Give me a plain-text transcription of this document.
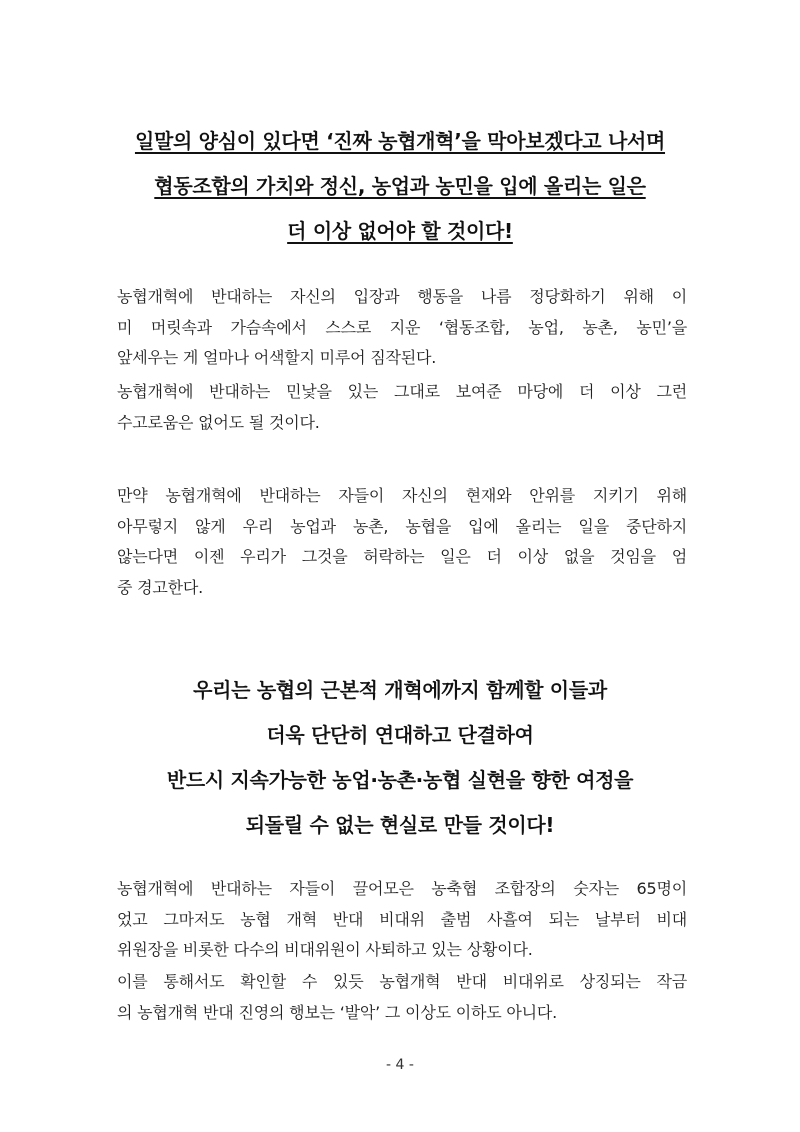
일말의 양심이 있다면 ‘진짜 농협개혁’을 막아보겠다고 나서며
협동조합의 가치와 정신, 농업과 농민을 입에 올리는 일은
더 이상 없어야 할 것이다!
농협개혁에 반대하는 자신의 입장과 행동을 나름 정당화하기 위해 이
미 머릿속과 가슴속에서 스스로 지운 ‘협동조합, 농업, 농촌, 농민’을
앞세우는 게 얼마나 어색할지 미루어 짐작된다.
농협개혁에 반대하는 민낯을 있는 그대로 보여준 마당에 더 이상 그런
수고로움은 없어도 될 것이다.
만약 농협개혁에 반대하는 자들이 자신의 현재와 안위를 지키기 위해
아무렇지 않게 우리 농업과 농촌, 농협을 입에 올리는 일을 중단하지
않는다면 이젠 우리가 그것을 허락하는 일은 더 이상 없을 것임을 엄
중 경고한다.
우리는 농협의 근본적 개혁에까지 함께할 이들과
더욱 단단히 연대하고 단결하여
반드시 지속가능한 농업·농촌·농협 실현을 향한 여정을
되돌릴 수 없는 현실로 만들 것이다!
농협개혁에 반대하는 자들이 끌어모은 농축협 조합장의 숫자는 65명이
었고 그마저도 농협 개혁 반대 비대위 출범 사흘여 되는 날부터 비대
위원장을 비롯한 다수의 비대위원이 사퇴하고 있는 상황이다.
이를 통해서도 확인할 수 있듯 농협개혁 반대 비대위로 상징되는 작금
의 농협개혁 반대 진영의 행보는 ‘발악’ 그 이상도 이하도 아니다.
- 4 -
